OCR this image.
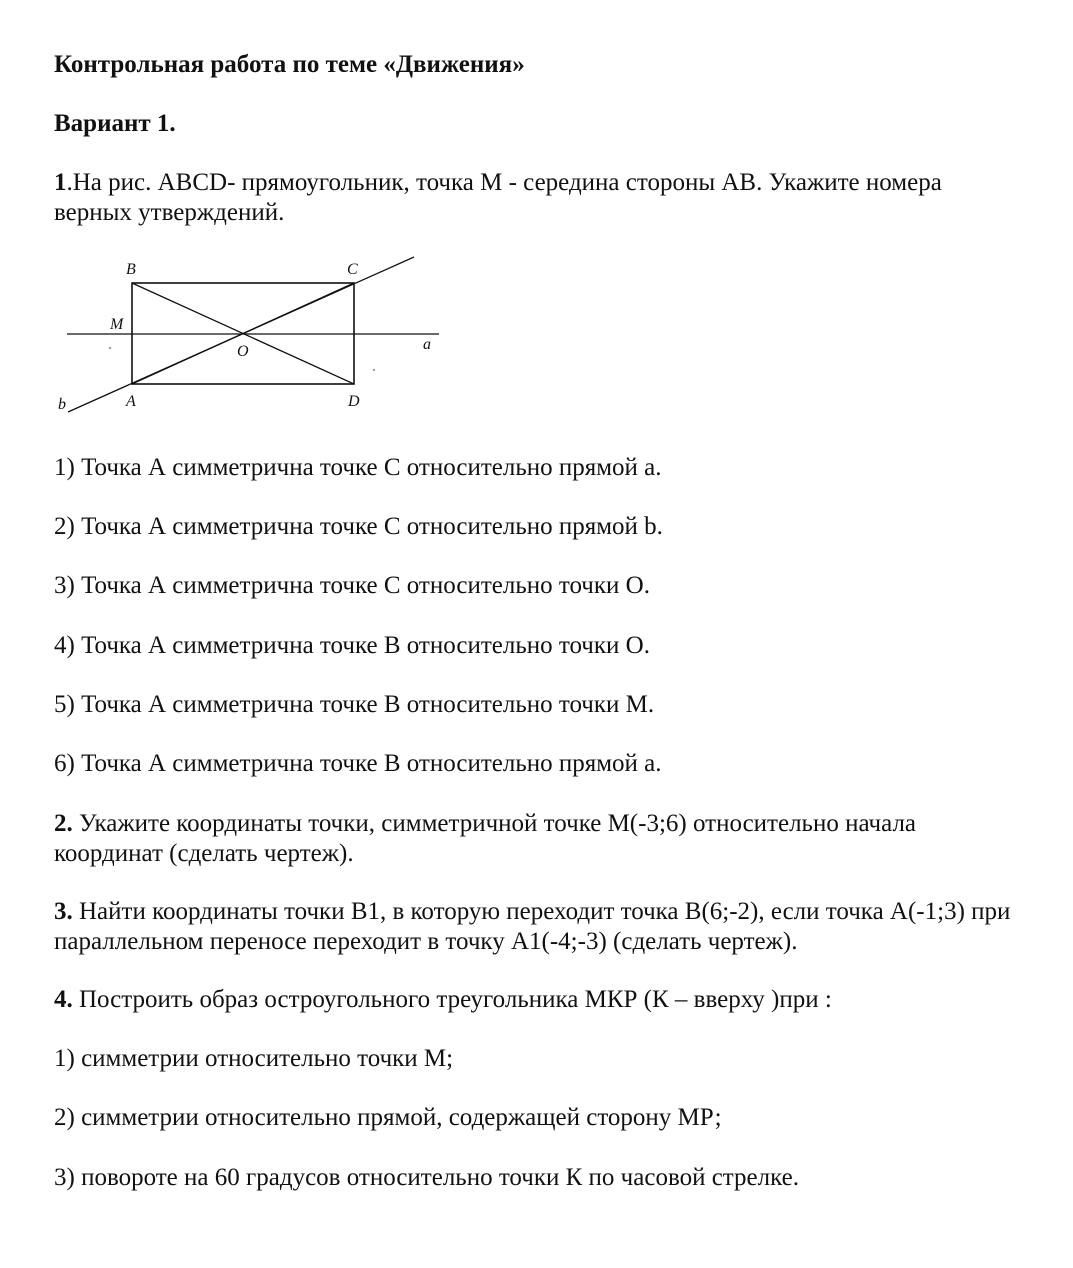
Контрольная работа по теме «Движения»
Вариант 1.
1.На рис. ABCD- прямоугольник, точка М - середина стороны АВ. Укажите номера
верных утверждений.
1) Точка А симметрична точке С относительно прямой а.
2) Точка А симметрична точке С относительно прямой b.
3) Точка А симметрична точке С относительно точки О.
4) Точка А симметрична точке В относительно точки О.
5) Точка А симметрична точке В относительно точки М.
6) Точка А симметрична точке В относительно прямой а.
2. Укажите координаты точки, симметричной точке М(-3;6) относительно начала
координат (сделать чертеж).
3. Найти координаты точки В1, в которую переходит точка В(6;-2), если точка А(-1;3) при
параллельном переносе переходит в точку А1(-4;-3) (сделать чертеж).
4. Построить образ остроугольного треугольника МКР (К – вверху )при :
1) симметрии относительно точки М;
2) симметрии относительно прямой, содержащей сторону МР;
3) повороте на 60 градусов относительно точки К по часовой стрелке.
B	C
M
O	a
b	A	D
